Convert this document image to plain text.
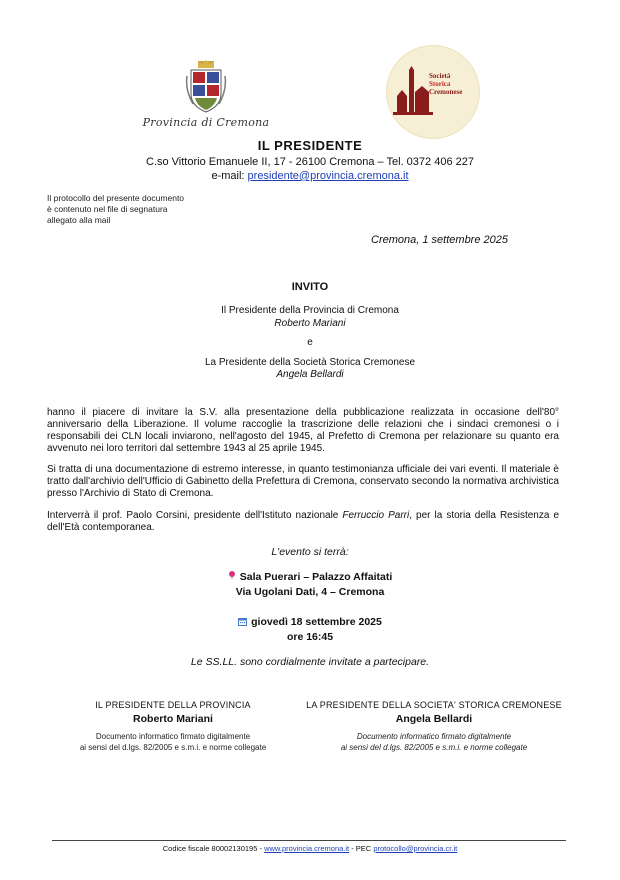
Provincia di Cremona
Società
Storica
Cremonese
IL PRESIDENTE
C.so Vittorio Emanuele II, 17 - 26100 Cremona – Tel. 0372 406 227
e-mail: presidente@provincia.cremona.it
Il protocollo del presente documento
è contenuto nel file di segnatura
allegato alla mail
Cremona, 1 settembre 2025
INVITO
Il Presidente della Provincia di Cremona
Roberto Mariani
e
La Presidente della Società Storica Cremonese
Angela Bellardi
hanno il piacere di invitare la S.V. alla presentazione della pubblicazione realizzata in occasione dell'80° anniversario della Liberazione. Il volume raccoglie la trascrizione delle relazioni che i sindaci cremonesi o i responsabili dei CLN locali inviarono, nell'agosto del 1945, al Prefetto di Cremona per relazionare su quanto era avvenuto nei loro territori dal settembre 1943 al 25 aprile 1945.
Si tratta di una documentazione di estremo interesse, in quanto testimonianza ufficiale dei vari eventi. Il materiale è tratto dall'archivio dell'Ufficio di Gabinetto della Prefettura di Cremona, conservato secondo la normativa archivistica presso l'Archivio di Stato di Cremona.
Interverrà il prof. Paolo Corsini, presidente dell'Istituto nazionale Ferruccio Parri, per la storia della Resistenza e dell'Età contemporanea.
L'evento si terrà:
Sala Puerari – Palazzo Affaitati
Via Ugolani Dati, 4 – Cremona
giovedì 18 settembre 2025
ore 16:45
Le SS.LL. sono cordialmente invitate a partecipare.
IL PRESIDENTE DELLA PROVINCIA
Roberto Mariani
Documento informatico firmato digitalmente
ai sensi del d.lgs. 82/2005 e s.m.i. e norme collegate
LA PRESIDENTE DELLA SOCIETA' STORICA CREMONESE
Angela Bellardi
Documento informatico firmato digitalmente
ai sensi del d.lgs. 82/2005 e s.m.i. e norme collegate
Codice fiscale 80002130195 - www.provincia.cremona.it - PEC protocollo@provincia.cr.it
